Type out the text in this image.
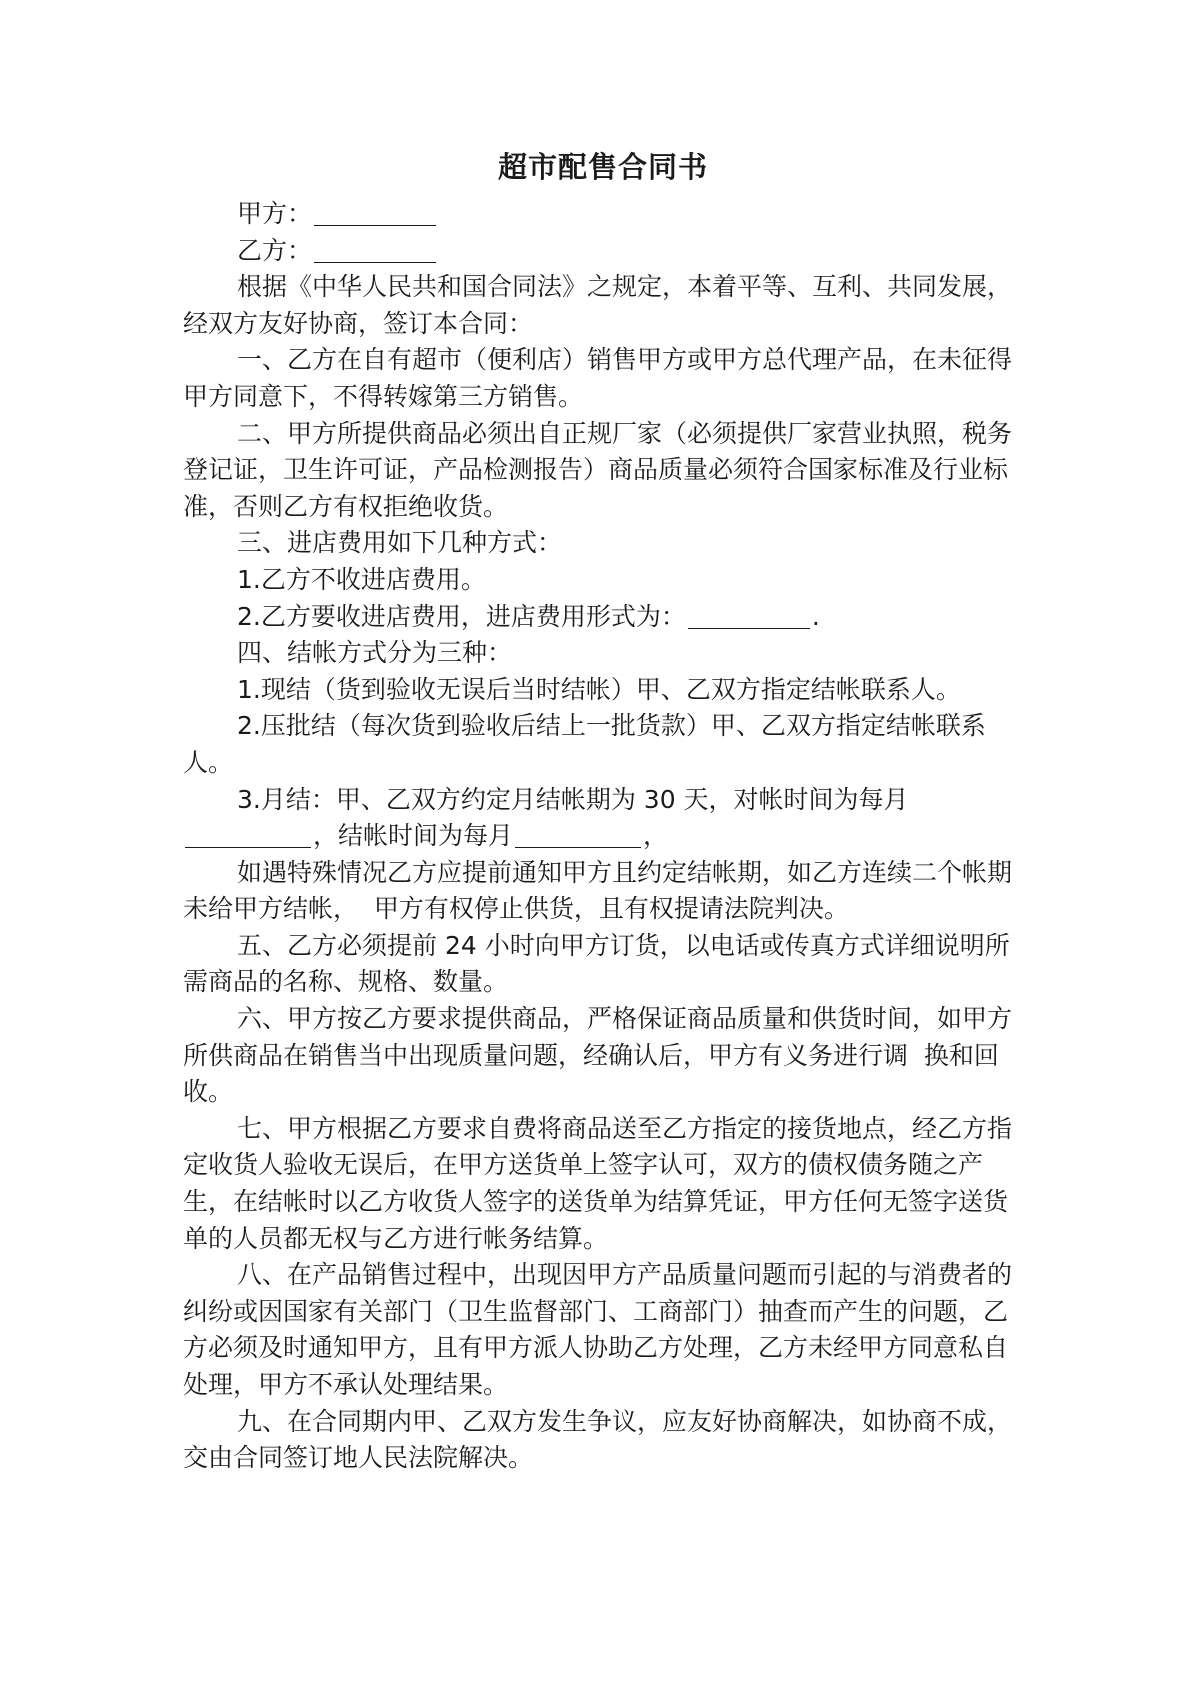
超市配售合同书

甲方：

乙方：

根据《中华人民共和国合同法》之规定，本着平等、互利、共同发展，经双方友好协商，签订本合同：

一、乙方在自有超市（便利店）销售甲方或甲方总代理产品，在未征得甲方同意下，不得转嫁第三方销售。

二、甲方所提供商品必须出自正规厂家（必须提供厂家营业执照，税务登记证，卫生许可证，产品检测报告）商品质量必须符合国家标准及行业标准，否则乙方有权拒绝收货。

三、进店费用如下几种方式：

1.乙方不收进店费用。

2.乙方要收进店费用，进店费用形式为：	.

四、结帐方式分为三种：

1.现结（货到验收无误后当时结帐）甲、乙双方指定结帐联系人。

2.压批结（每次货到验收后结上一批货款）甲、乙双方指定结帐联系人。

3.月结：甲、乙双方约定月结帐期为 30 天，对帐时间为每月，结帐时间为每月	，

如遇特殊情况乙方应提前通知甲方且约定结帐期，如乙方连续二个帐期未给甲方结帐，  甲方有权停止供货，且有权提请法院判决。

五、乙方必须提前 24 小时向甲方订货，以电话或传真方式详细说明所需商品的名称、规格、数量。

六、甲方按乙方要求提供商品，严格保证商品质量和供货时间，如甲方所供商品在销售当中出现质量问题，经确认后，甲方有义务进行调  换和回收。

七、甲方根据乙方要求自费将商品送至乙方指定的接货地点，经乙方指定收货人验收无误后，在甲方送货单上签字认可，双方的债权债务随之产生，在结帐时以乙方收货人签字的送货单为结算凭证，甲方任何无签字送货单的人员都无权与乙方进行帐务结算。

八、在产品销售过程中，出现因甲方产品质量问题而引起的与消费者的纠纷或因国家有关部门（卫生监督部门、工商部门）抽查而产生的问题，乙方必须及时通知甲方，且有甲方派人协助乙方处理，乙方未经甲方同意私自处理，甲方不承认处理结果。

九、在合同期内甲、乙双方发生争议，应友好协商解决，如协商不成，交由合同签订地人民法院解决。
